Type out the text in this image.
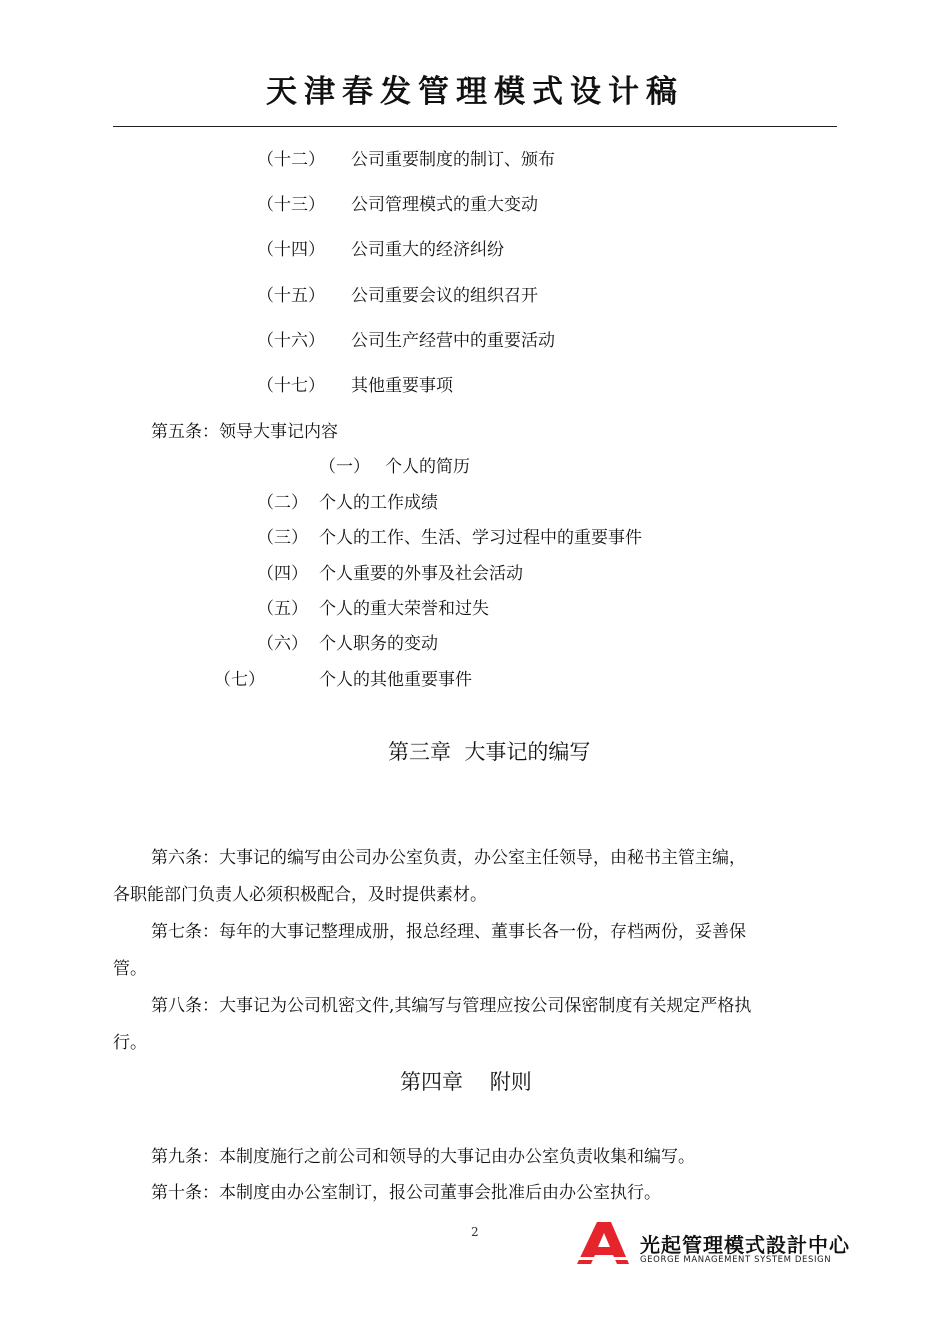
天津春发管理模式设计稿
（十二） 公司重要制度的制订、颁布
（十三） 公司管理模式的重大变动
（十四） 公司重大的经济纠纷
（十五） 公司重要会议的组织召开
（十六） 公司生产经营中的重要活动
（十七） 其他重要事项
第五条：领导大事记内容
（一） 个人的简历
（二） 个人的工作成绩
（三） 个人的工作、生活、学习过程中的重要事件
（四） 个人重要的外事及社会活动
（五） 个人的重大荣誉和过失
（六） 个人职务的变动
（七）	个人的其他重要事件
第三章  大事记的编写
第六条：大事记的编写由公司办公室负责，办公室主任领导，由秘书主管主编，
各职能部门负责人必须积极配合，及时提供素材。
第七条：每年的大事记整理成册，报总经理、董事长各一份，存档两份，妥善保
管。
第八条：大事记为公司机密文件,其编写与管理应按公司保密制度有关规定严格执
行。
第四章    附则
第九条：本制度施行之前公司和领导的大事记由办公室负责收集和编写。
第十条：本制度由办公室制订，报公司董事会批准后由办公室执行。
2
光起管理模式設計中心
GEORGE MANAGEMENT SYSTEM DESIGN
